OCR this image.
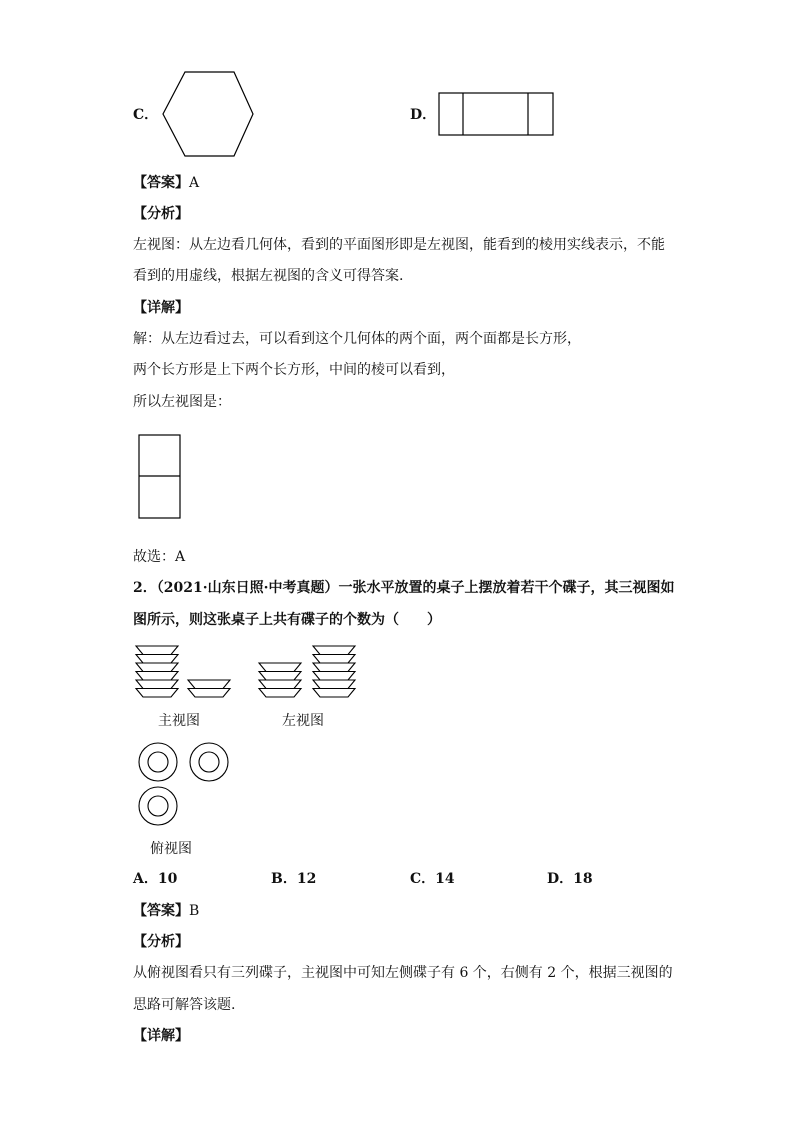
C．	D．
【答案】A
【分析】
左视图：从左边看几何体，看到的平面图形即是左视图，能看到的棱用实线表示，不能
看到的用虚线，根据左视图的含义可得答案.
【详解】
解：从左边看过去，可以看到这个几何体的两个面，两个面都是长方形，
两个长方形是上下两个长方形，中间的棱可以看到，
所以左视图是：
故选：A
2．（2021·山东日照·中考真题）一张水平放置的桌子上摆放着若干个碟子，其三视图如
图所示，则这张桌子上共有碟子的个数为（　　）
主视图	左视图
俯视图
A．10	B．12	C．14	D．18
【答案】B
【分析】
从俯视图看只有三列碟子，主视图中可知左侧碟子有 6 个，右侧有 2 个，根据三视图的
思路可解答该题.
【详解】
